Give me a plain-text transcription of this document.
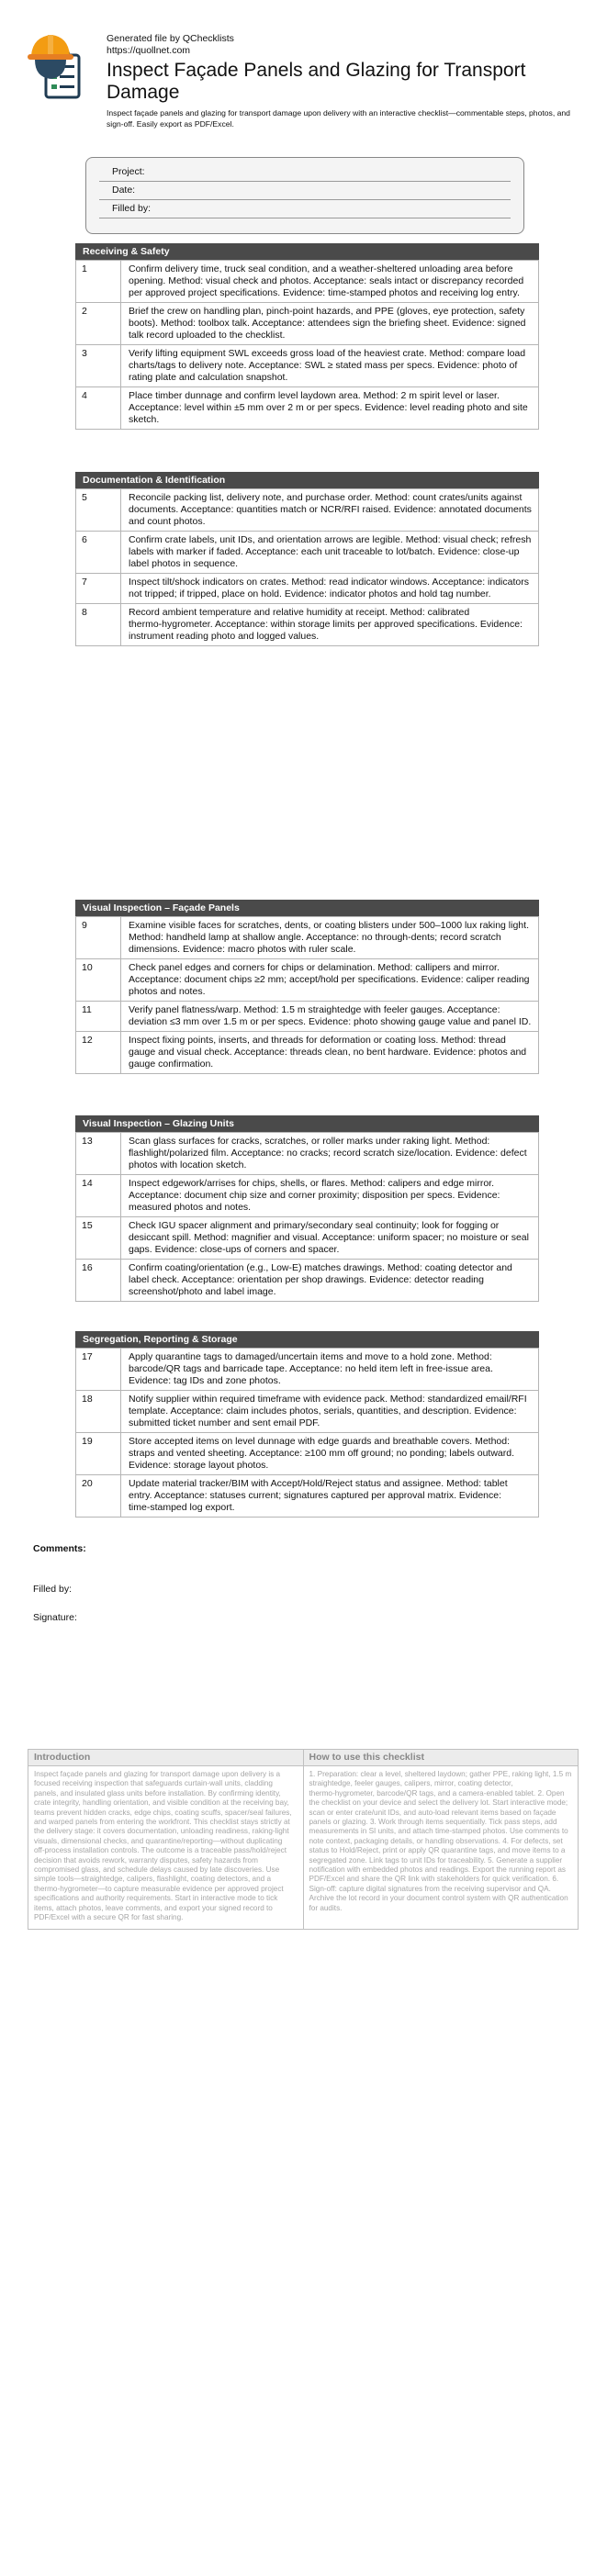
Generated file by QChecklists
https://quollnet.com
Inspect Façade Panels and Glazing for Transport Damage
Inspect façade panels and glazing for transport damage upon delivery with an interactive checklist—commentable steps, photos, and sign‑off. Easily export as PDF/Excel.
Project:
Date:
Filled by:
Receiving & Safety
1	Confirm delivery time, truck seal condition, and a weather‑sheltered unloading area before opening. Method: visual check and photos. Acceptance: seals intact or discrepancy recorded per approved project specifications. Evidence: time‑stamped photos and receiving log entry.
2	Brief the crew on handling plan, pinch‑point hazards, and PPE (gloves, eye protection, safety boots). Method: toolbox talk. Acceptance: attendees sign the briefing sheet. Evidence: signed talk record uploaded to the checklist.
3	Verify lifting equipment SWL exceeds gross load of the heaviest crate. Method: compare load charts/tags to delivery note. Acceptance: SWL ≥ stated mass per specs. Evidence: photo of rating plate and calculation snapshot.
4	Place timber dunnage and confirm level laydown area. Method: 2 m spirit level or laser. Acceptance: level within ±5 mm over 2 m or per specs. Evidence: level reading photo and site sketch.
Documentation & Identification
5	Reconcile packing list, delivery note, and purchase order. Method: count crates/units against documents. Acceptance: quantities match or NCR/RFI raised. Evidence: annotated documents and count photos.
6	Confirm crate labels, unit IDs, and orientation arrows are legible. Method: visual check; refresh labels with marker if faded. Acceptance: each unit traceable to lot/batch. Evidence: close‑up label photos in sequence.
7	Inspect tilt/shock indicators on crates. Method: read indicator windows. Acceptance: indicators not tripped; if tripped, place on hold. Evidence: indicator photos and hold tag number.
8	Record ambient temperature and relative humidity at receipt. Method: calibrated thermo‑hygrometer. Acceptance: within storage limits per approved specifications. Evidence: instrument reading photo and logged values.
Visual Inspection – Façade Panels
9	Examine visible faces for scratches, dents, or coating blisters under 500–1000 lux raking light. Method: handheld lamp at shallow angle. Acceptance: no through‑dents; record scratch dimensions. Evidence: macro photos with ruler scale.
10	Check panel edges and corners for chips or delamination. Method: callipers and mirror. Acceptance: document chips ≥2 mm; accept/hold per specifications. Evidence: caliper reading photos and notes.
11	Verify panel flatness/warp. Method: 1.5 m straightedge with feeler gauges. Acceptance: deviation ≤3 mm over 1.5 m or per specs. Evidence: photo showing gauge value and panel ID.
12	Inspect fixing points, inserts, and threads for deformation or coating loss. Method: thread gauge and visual check. Acceptance: threads clean, no bent hardware. Evidence: photos and gauge confirmation.
Visual Inspection – Glazing Units
13	Scan glass surfaces for cracks, scratches, or roller marks under raking light. Method: flashlight/polarized film. Acceptance: no cracks; record scratch size/location. Evidence: defect photos with location sketch.
14	Inspect edgework/arrises for chips, shells, or flares. Method: calipers and edge mirror. Acceptance: document chip size and corner proximity; disposition per specs. Evidence: measured photos and notes.
15	Check IGU spacer alignment and primary/secondary seal continuity; look for fogging or desiccant spill. Method: magnifier and visual. Acceptance: uniform spacer; no moisture or seal gaps. Evidence: close‑ups of corners and spacer.
16	Confirm coating/orientation (e.g., Low‑E) matches drawings. Method: coating detector and label check. Acceptance: orientation per shop drawings. Evidence: detector reading screenshot/photo and label image.
Segregation, Reporting & Storage
17	Apply quarantine tags to damaged/uncertain items and move to a hold zone. Method: barcode/QR tags and barricade tape. Acceptance: no held item left in free-issue area. Evidence: tag IDs and zone photos.
18	Notify supplier within required timeframe with evidence pack. Method: standardized email/RFI template. Acceptance: claim includes photos, serials, quantities, and description. Evidence: submitted ticket number and sent email PDF.
19	Store accepted items on level dunnage with edge guards and breathable covers. Method: straps and vented sheeting. Acceptance: ≥100 mm off ground; no ponding; labels outward. Evidence: storage layout photos.
20	Update material tracker/BIM with Accept/Hold/Reject status and assignee. Method: tablet entry. Acceptance: statuses current; signatures captured per approval matrix. Evidence: time‑stamped log export.
Comments:
Filled by:
Signature:
Introduction
Inspect façade panels and glazing for transport damage upon delivery is a focused receiving inspection that safeguards curtain-wall units, cladding panels, and insulated glass units before installation. By confirming identity, crate integrity, handling orientation, and visible condition at the receiving bay, teams prevent hidden cracks, edge chips, coating scuffs, spacer/seal failures, and warped panels from entering the workfront. This checklist stays strictly at the delivery stage: it covers documentation, unloading readiness, raking‑light visuals, dimensional checks, and quarantine/reporting—without duplicating off‑process installation controls. The outcome is a traceable pass/hold/reject decision that avoids rework, warranty disputes, safety hazards from compromised glass, and schedule delays caused by late discoveries. Use simple tools—straightedge, calipers, flashlight, coating detectors, and a thermo‑hygrometer—to capture measurable evidence per approved project specifications and authority requirements. Start in interactive mode to tick items, attach photos, leave comments, and export your signed record to PDF/Excel with a secure QR for fast sharing.
How to use this checklist
1. Preparation: clear a level, sheltered laydown; gather PPE, raking light, 1.5 m straightedge, feeler gauges, calipers, mirror, coating detector, thermo‑hygrometer, barcode/QR tags, and a camera‑enabled tablet. 2. Open the checklist on your device and select the delivery lot. Start interactive mode; scan or enter crate/unit IDs, and auto‑load relevant items based on façade panels or glazing. 3. Work through items sequentially. Tick pass steps, add measurements in SI units, and attach time‑stamped photos. Use comments to note context, packaging details, or handling observations. 4. For defects, set status to Hold/Reject, print or apply QR quarantine tags, and move items to a segregated zone. Link tags to unit IDs for traceability. 5. Generate a supplier notification with embedded photos and readings. Export the running report as PDF/Excel and share the QR link with stakeholders for quick verification. 6. Sign‑off: capture digital signatures from the receiving supervisor and QA. Archive the lot record in your document control system with QR authentication for audits.
